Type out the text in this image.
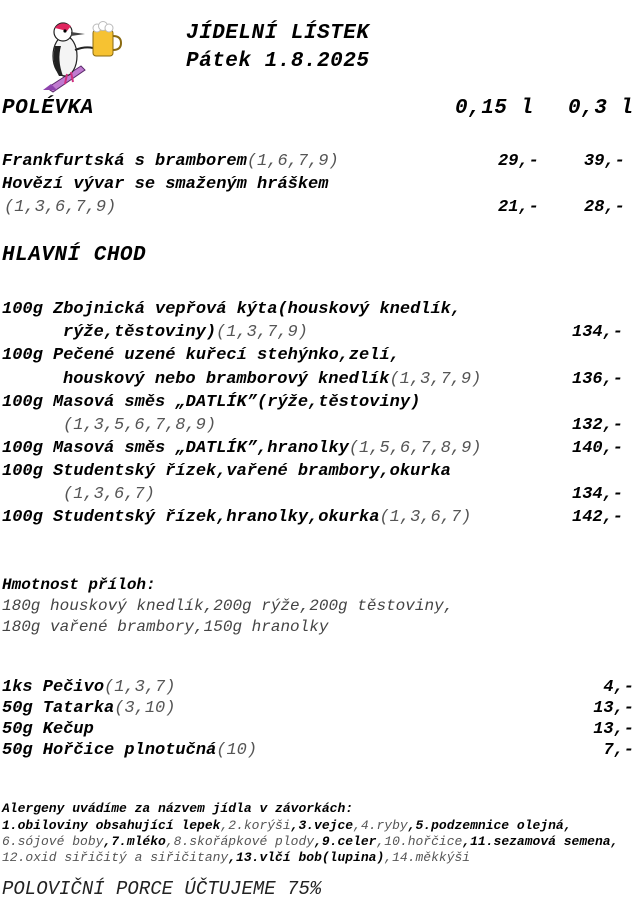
JÍDELNÍ LÍSTEK
Pátek 1.8.2025
POLÉVKA	0,15 l 0,3 l
Frankfurtská s bramborem(1,6,7,9)	29,-	39,-
Hovězí vývar se smaženým hráškem
(1,3,6,7,9)	21,-	28,-
HLAVNÍ CHOD
100g Zbojnická vepřová kýta(houskový knedlík,
rýže,těstoviny)(1,3,7,9)	134,-
100g Pečené uzené kuřecí stehýnko,zelí,
houskový nebo bramborový knedlík(1,3,7,9)	136,-
100g Masová směs „DATLÍK”(rýže,těstoviny)
(1,3,5,6,7,8,9)	132,-
100g Masová směs „DATLÍK”,hranolky(1,5,6,7,8,9)	140,-
100g Studentský řízek,vařené brambory,okurka
(1,3,6,7)	134,-
100g Studentský řízek,hranolky,okurka(1,3,6,7)	142,-
Hmotnost příloh:
180g houskový knedlík,200g rýže,200g těstoviny,
180g vařené brambory,150g hranolky
1ks Pečivo(1,3,7)	4,-
50g Tatarka(3,10)	13,-
50g Kečup	13,-
50g Hořčice plnotučná(10)	7,-
Alergeny uvádíme za názvem jídla v závorkách:
1.obiloviny obsahující lepek,2.korýši,3.vejce,4.ryby,5.podzemnice olejná,
6.sójové boby,7.mléko,8.skořápkové plody,9.celer,10.hořčice,11.sezamová semena,
12.oxid siřičitý a siřičitany,13.vlčí bob(lupina),14.měkkýši
POLOVIČNÍ PORCE ÚČTUJEME 75%
